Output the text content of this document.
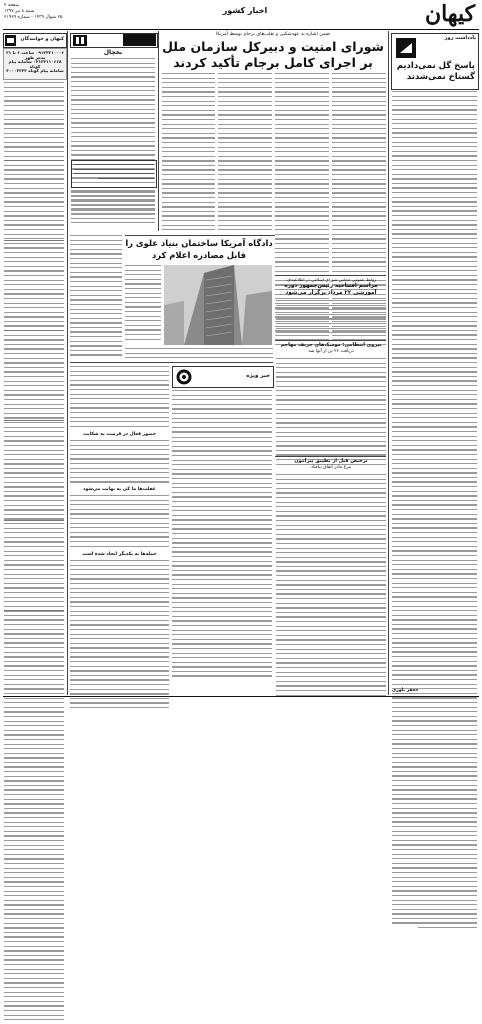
کیهان
اخبار کشور
صفحه ۲
شنبه ۸ تیر ۱۳۹۷
۲۵ شوال ۱۴۳۹ - شماره ۲۱۹۶۹
یادداشت روز
پاسخ گل نمی‌دادیم
گستاخ نمی‌شدند
جعفر بلوری
ضمن اشاره به عهدشکنی و تقلب‌های برجام توسط آمریکا
شورای امنیت و دبیرکل سازمان ملل
بر اجرای کامل برجام تأکید کردند
روابط عمومی مجلس شورای اسلامی در اطلاعیه‌ای:
مراسم افتتاحیه رئیس‌جمهور دوره آموزشی ۲۲ مرداد برگزار می‌شود
نیروی انتظامی: موشک‌های حریف مهاجم
دریافت ۲۶ تن از آنها شد
ترخیص قبل از تطبیق پیرامون
مرغ مادر اتفاق نیافتاد
دادگاه آمریکا ساختمان بنیاد علوی را
قابل مصادره اعلام کرد
گفت و شنود
بخچال
خبر ویژه
حضور فعال در فرصت به شکایت
غفلت‌ها ما کی به نهایت می‌شود
حمله‌ها به یکدیگر ایجاد شده است
کیهان و خوانندگان
۰۹۱۲۳۲۱۰۰۰۶ ساعت ۶ تا ۲۱ به‌جز ظهر
۰۲۱۳۳۱۱۰۶۶۸ سامانه پیام کوتاه
سامانه پیام کوتاه ۳۰۰۰۳۳۳۲
